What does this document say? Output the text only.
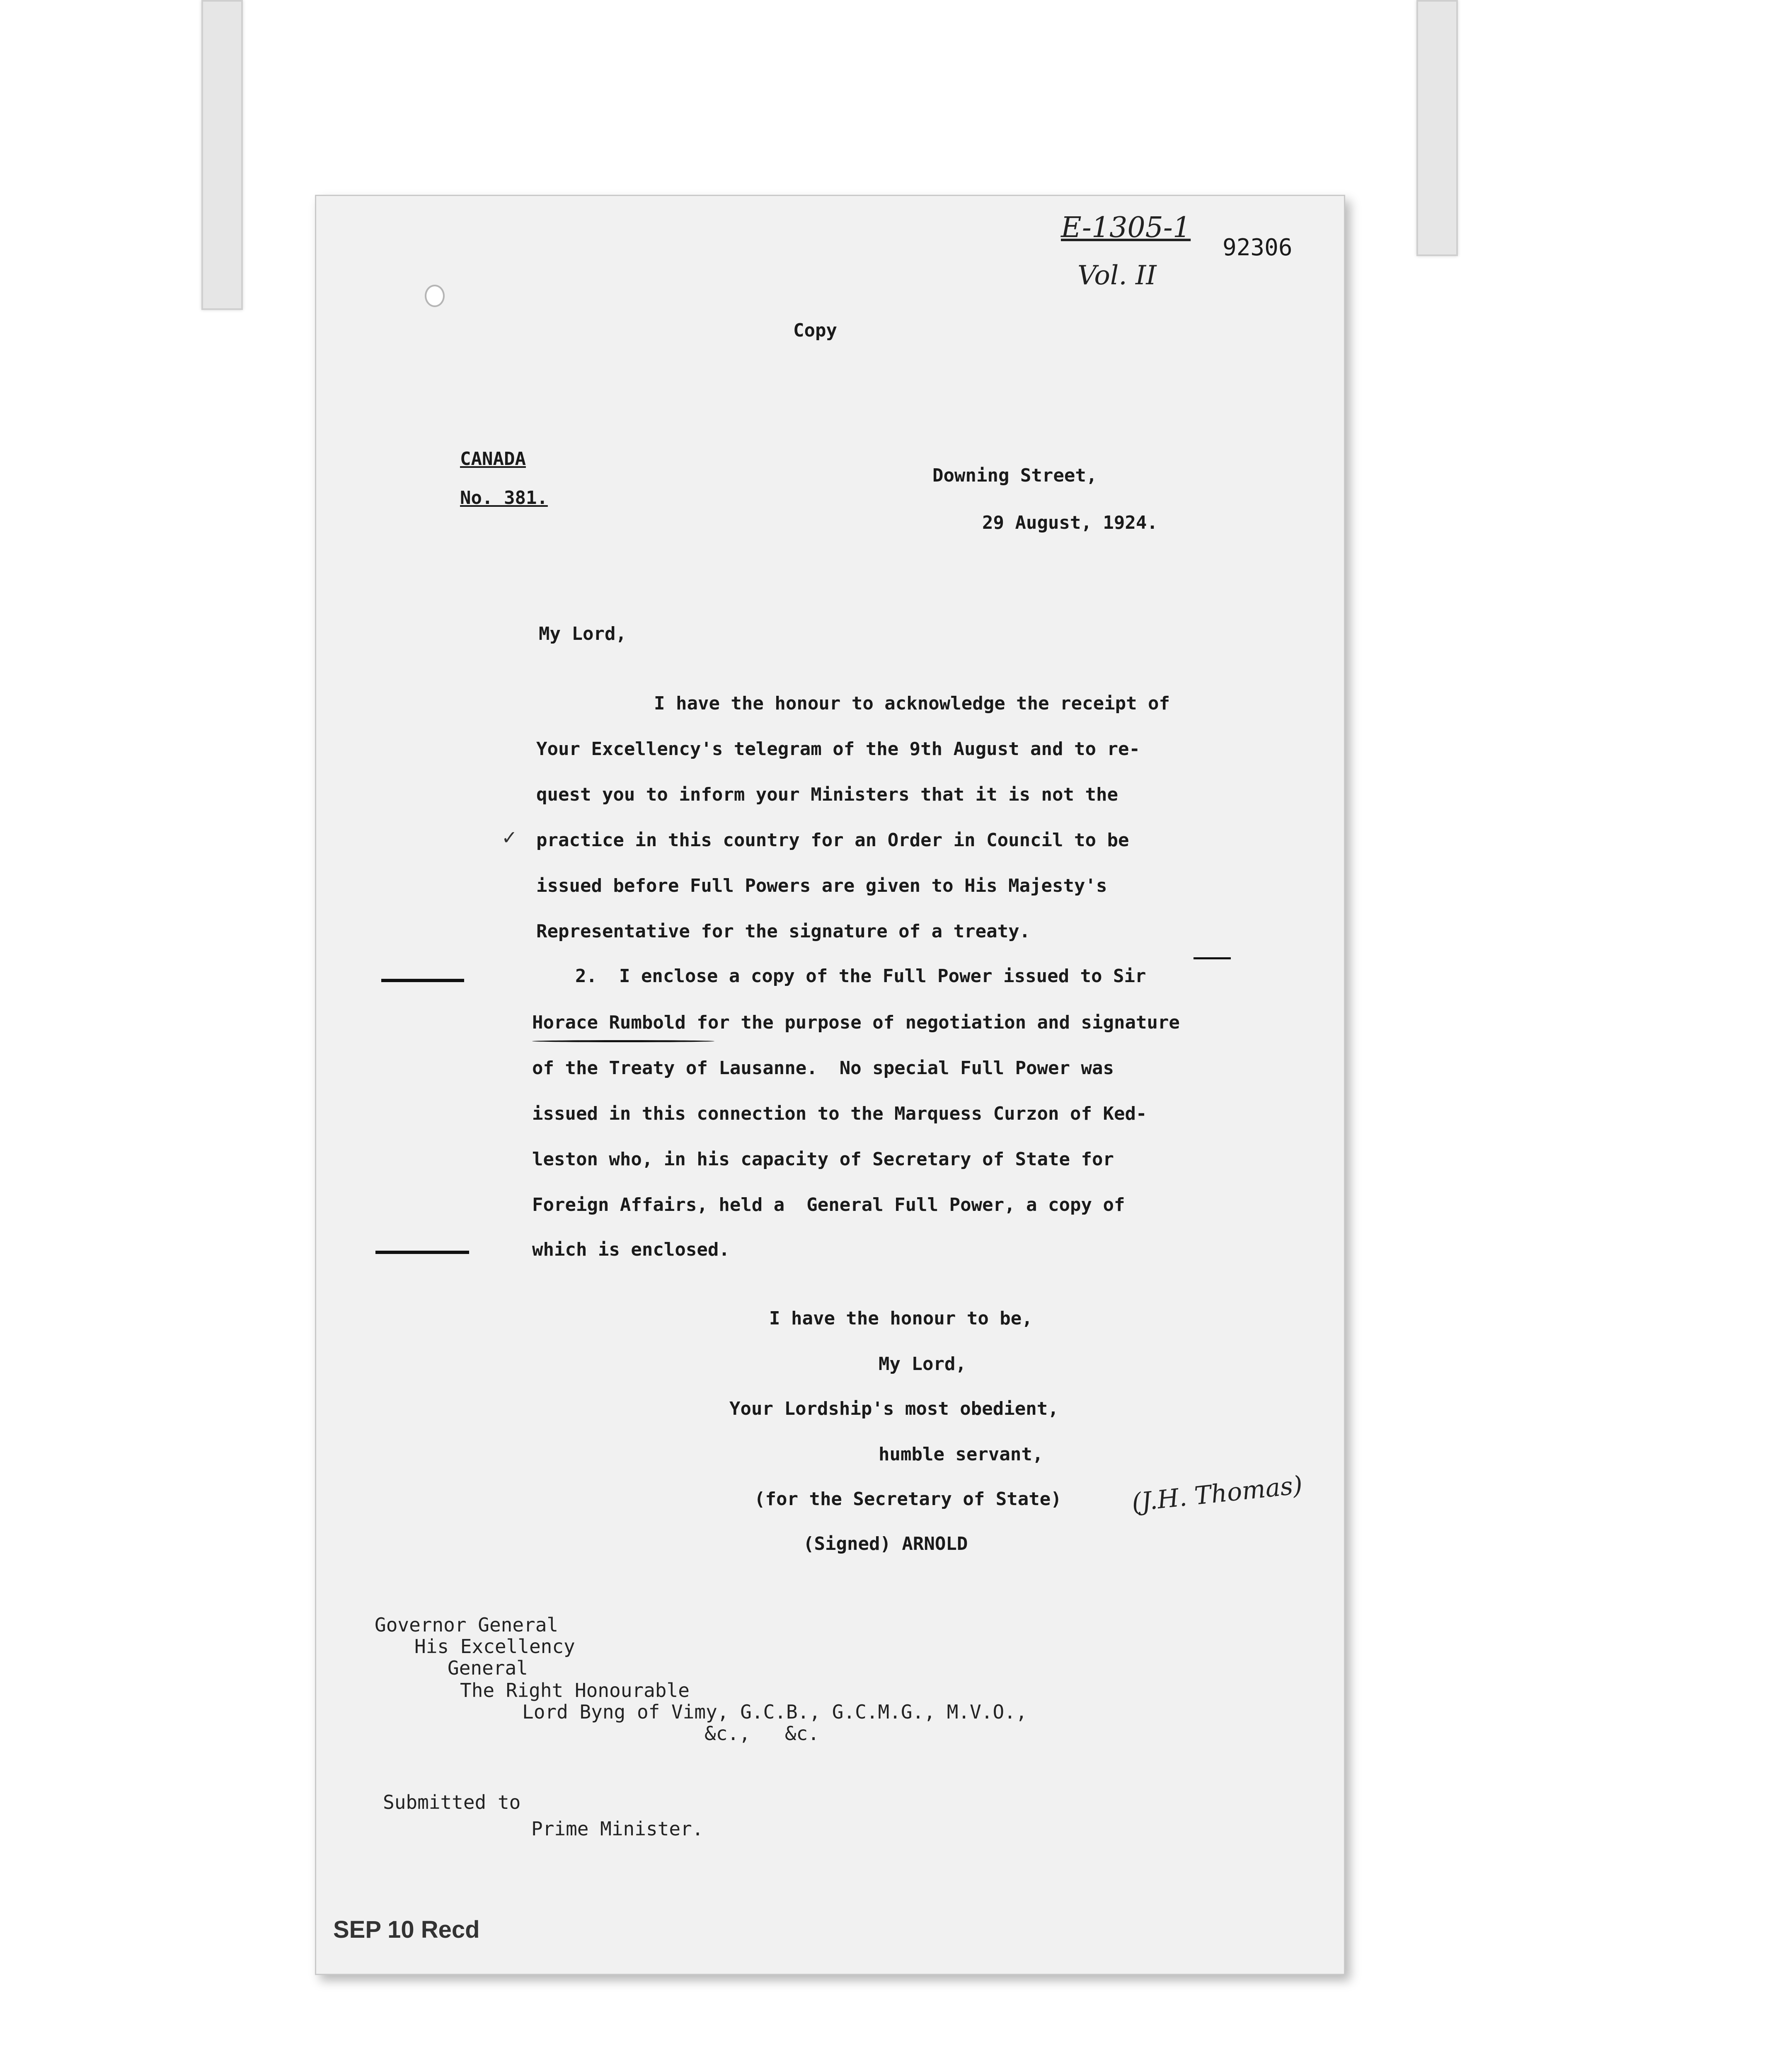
E-1305-1
Vol. II
92306
Copy
CANADA
No. 381.
Downing Street,
29 August, 1924.
My Lord,
I have the honour to acknowledge the receipt of
Your Excellency's telegram of the 9th August and to re-
quest you to inform your Ministers that it is not the
practice in this country for an Order in Council to be
issued before Full Powers are given to His Majesty's
Representative for the signature of a treaty.
2.  I enclose a copy of the Full Power issued to Sir
Horace Rumbold for the purpose of negotiation and signature
of the Treaty of Lausanne.  No special Full Power was
issued in this connection to the Marquess Curzon of Ked-
leston who, in his capacity of Secretary of State for
Foreign Affairs, held a  General Full Power, a copy of
which is enclosed.
✓
I have the honour to be,
My Lord,
Your Lordship's most obedient,
humble servant,
(for the Secretary of State)
(Signed) ARNOLD
(J.H. Thomas)
Governor General
His Excellency
General
The Right Honourable
Lord Byng of Vimy, G.C.B., G.C.M.G., M.V.O.,
&c.,   &c.
Submitted to
Prime Minister.
SEP 10 Recd
